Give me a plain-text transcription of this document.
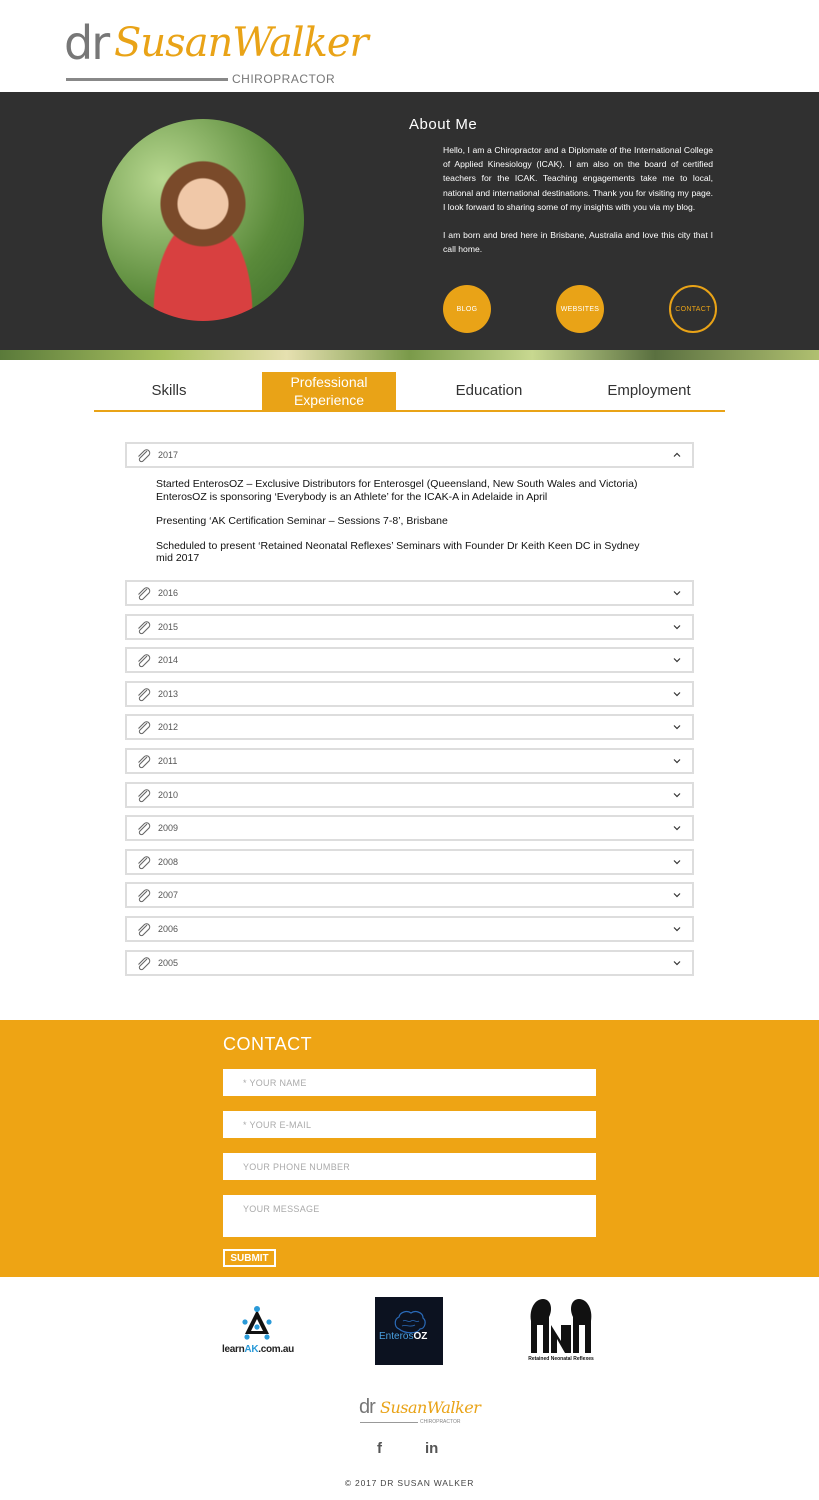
dr SusanWalker
CHIROPRACTOR
About Me

Hello, I am a Chiropractor and a Diplomate of the International College of Applied Kinesiology (ICAK). I am also on the board of certified teachers for the ICAK. Teaching engagements take me to local, national and international destinations. Thank you for visiting my page. I look forward to sharing some of my insights with you via my blog.

I am born and bred here in Brisbane, Australia and love this city that I call home.

BLOG	WEBSITES	CONTACT
Skills	Professional Experience
Education	Employment
2017

Started EnterosOZ – Exclusive Distributors for Enterosgel (Queensland, New South Wales and Victoria) EnterosOZ is sponsoring ‘Everybody is an Athlete’ for the ICAK-A in Adelaide in April

Presenting ‘AK Certification Seminar – Sessions 7-8’, Brisbane

Scheduled to present ‘Retained Neonatal Reflexes’ Seminars with Founder Dr Keith Keen DC in Sydney mid 2017

2016
2015
2014
2013
2012
2011
2010
2009
2008
2007
2006
2005
CONTACT
* YOUR NAME
* YOUR E-MAIL
YOUR PHONE NUMBER
YOUR MESSAGE
SUBMIT
learnAK.com.au
EnterosOZ
Retained Neonatal Reflexes
dr SusanWalker
CHIROPRACTOR
f	in
© 2017 DR SUSAN WALKER
